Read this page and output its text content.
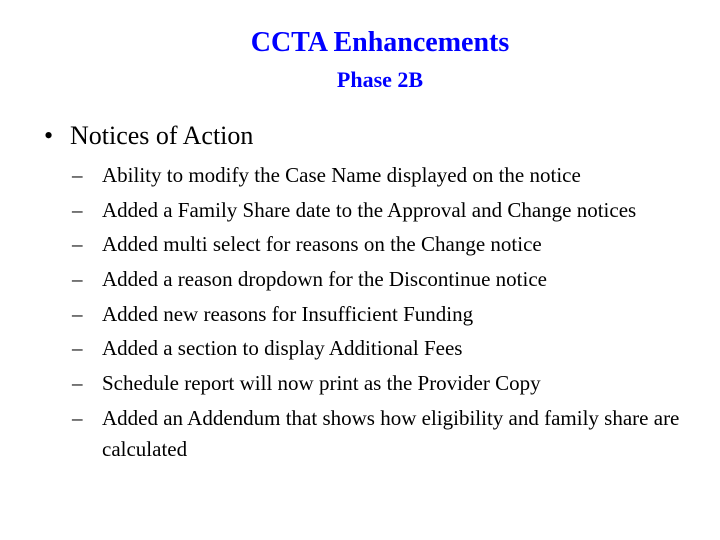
CCTA Enhancements
Phase 2B
• Notices of Action
– Ability to modify the Case Name displayed on the notice
– Added a Family Share date to the Approval and Change notices
– Added multi select for reasons on the Change notice
– Added a reason dropdown for the Discontinue notice
– Added new reasons for Insufficient Funding
– Added a section to display Additional Fees
– Schedule report will now print as the Provider Copy
– Added an Addendum that shows how eligibility and family share are calculated
